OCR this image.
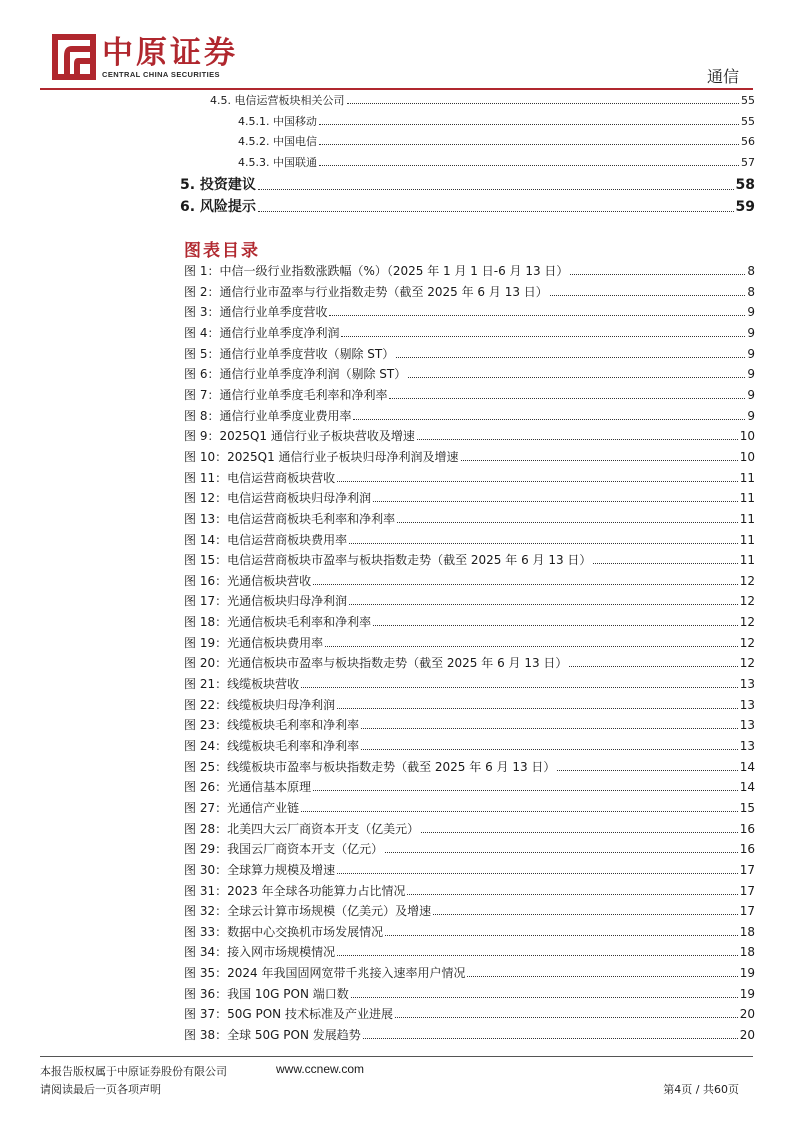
中原证券
CENTRAL CHINA SECURITIES	通信
4.5. 电信运营板块相关公司	55
4.5.1. 中国移动	55
4.5.2. 中国电信	56
4.5.3. 中国联通	57
5. 投资建议	58
6. 风险提示	59
图表目录
图 1：中信一级行业指数涨跌幅（%）（2025 年 1 月 1 日-6 月 13 日）	8
图 2：通信行业市盈率与行业指数走势（截至 2025 年 6 月 13 日）	8
图 3：通信行业单季度营收	9
图 4：通信行业单季度净利润	9
图 5：通信行业单季度营收（剔除 ST）	9
图 6：通信行业单季度净利润（剔除 ST）	9
图 7：通信行业单季度毛利率和净利率	9
图 8：通信行业单季度业费用率	9
图 9：2025Q1 通信行业子板块营收及增速	10
图 10：2025Q1 通信行业子板块归母净利润及增速	10
图 11：电信运营商板块营收	11
图 12：电信运营商板块归母净利润	11
图 13：电信运营商板块毛利率和净利率	11
图 14：电信运营商板块费用率	11
图 15：电信运营商板块市盈率与板块指数走势（截至 2025 年 6 月 13 日）	11
图 16：光通信板块营收	12
图 17：光通信板块归母净利润	12
图 18：光通信板块毛利率和净利率	12
图 19：光通信板块费用率	12
图 20：光通信板块市盈率与板块指数走势（截至 2025 年 6 月 13 日）	12
图 21：线缆板块营收	13
图 22：线缆板块归母净利润	13
图 23：线缆板块毛利率和净利率	13
图 24：线缆板块毛利率和净利率	13
图 25：线缆板块市盈率与板块指数走势（截至 2025 年 6 月 13 日）	14
图 26：光通信基本原理	14
图 27：光通信产业链	15
图 28：北美四大云厂商资本开支（亿美元）	16
图 29：我国云厂商资本开支（亿元）	16
图 30：全球算力规模及增速	17
图 31：2023 年全球各功能算力占比情况	17
图 32：全球云计算市场规模（亿美元）及增速	17
图 33：数据中心交换机市场发展情况	18
图 34：接入网市场规模情况	18
图 35：2024 年我国固网宽带千兆接入速率用户情况	19
图 36：我国 10G PON 端口数	19
图 37：50G PON 技术标准及产业进展	20
图 38：全球 50G PON 发展趋势	20
本报告版权属于中原证券股份有限公司	www.ccnew.com
请阅读最后一页各项声明	第4页 / 共60页
